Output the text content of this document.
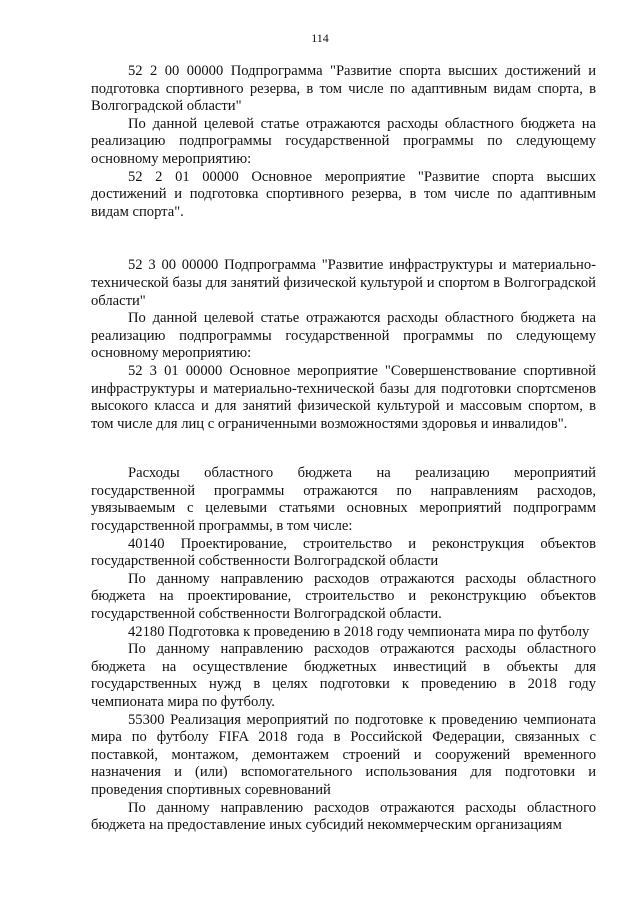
114

52 2 00 00000 Подпрограмма "Развитие спорта высших достижений и подготовка спортивного резерва, в том числе по адаптивным видам спорта, в Волгоградской области"

По данной целевой статье отражаются расходы областного бюджета на реализацию подпрограммы государственной программы по следующему основному мероприятию:

52 2 01 00000 Основное мероприятие "Развитие спорта высших достижений и подготовка спортивного резерва, в том числе по адаптивным видам спорта".

52 3 00 00000 Подпрограмма "Развитие инфраструктуры и материально-технической базы для занятий физической культурой и спортом в Волгоградской области"

По данной целевой статье отражаются расходы областного бюджета на реализацию подпрограммы государственной программы по следующему основному мероприятию:

52 3 01 00000 Основное мероприятие "Совершенствование спортивной инфраструктуры и материально-технической базы для подготовки спортсменов высокого класса и для занятий физической культурой и массовым спортом, в том числе для лиц с ограниченными возможностями здоровья и инвалидов".

Расходы областного бюджета на реализацию мероприятий государственной программы отражаются по направлениям расходов, увязываемым с целевыми статьями основных мероприятий подпрограмм государственной программы, в том числе:

40140 Проектирование, строительство и реконструкция объектов государственной собственности Волгоградской области

По данному направлению расходов отражаются расходы областного бюджета на проектирование, строительство и реконструкцию объектов государственной собственности Волгоградской области.

42180 Подготовка к проведению в 2018 году чемпионата мира по футболу

По данному направлению расходов отражаются расходы областного бюджета на осуществление бюджетных инвестиций в объекты для государственных нужд в целях подготовки к проведению в 2018 году чемпионата мира по футболу.

55300 Реализация мероприятий по подготовке к проведению чемпионата мира по футболу FIFA 2018 года в Российской Федерации, связанных с поставкой, монтажом, демонтажем строений и сооружений временного назначения и (или) вспомогательного использования для подготовки и проведения спортивных соревнований

По данному направлению расходов отражаются расходы областного бюджета на предоставление иных субсидий некоммерческим организациям
